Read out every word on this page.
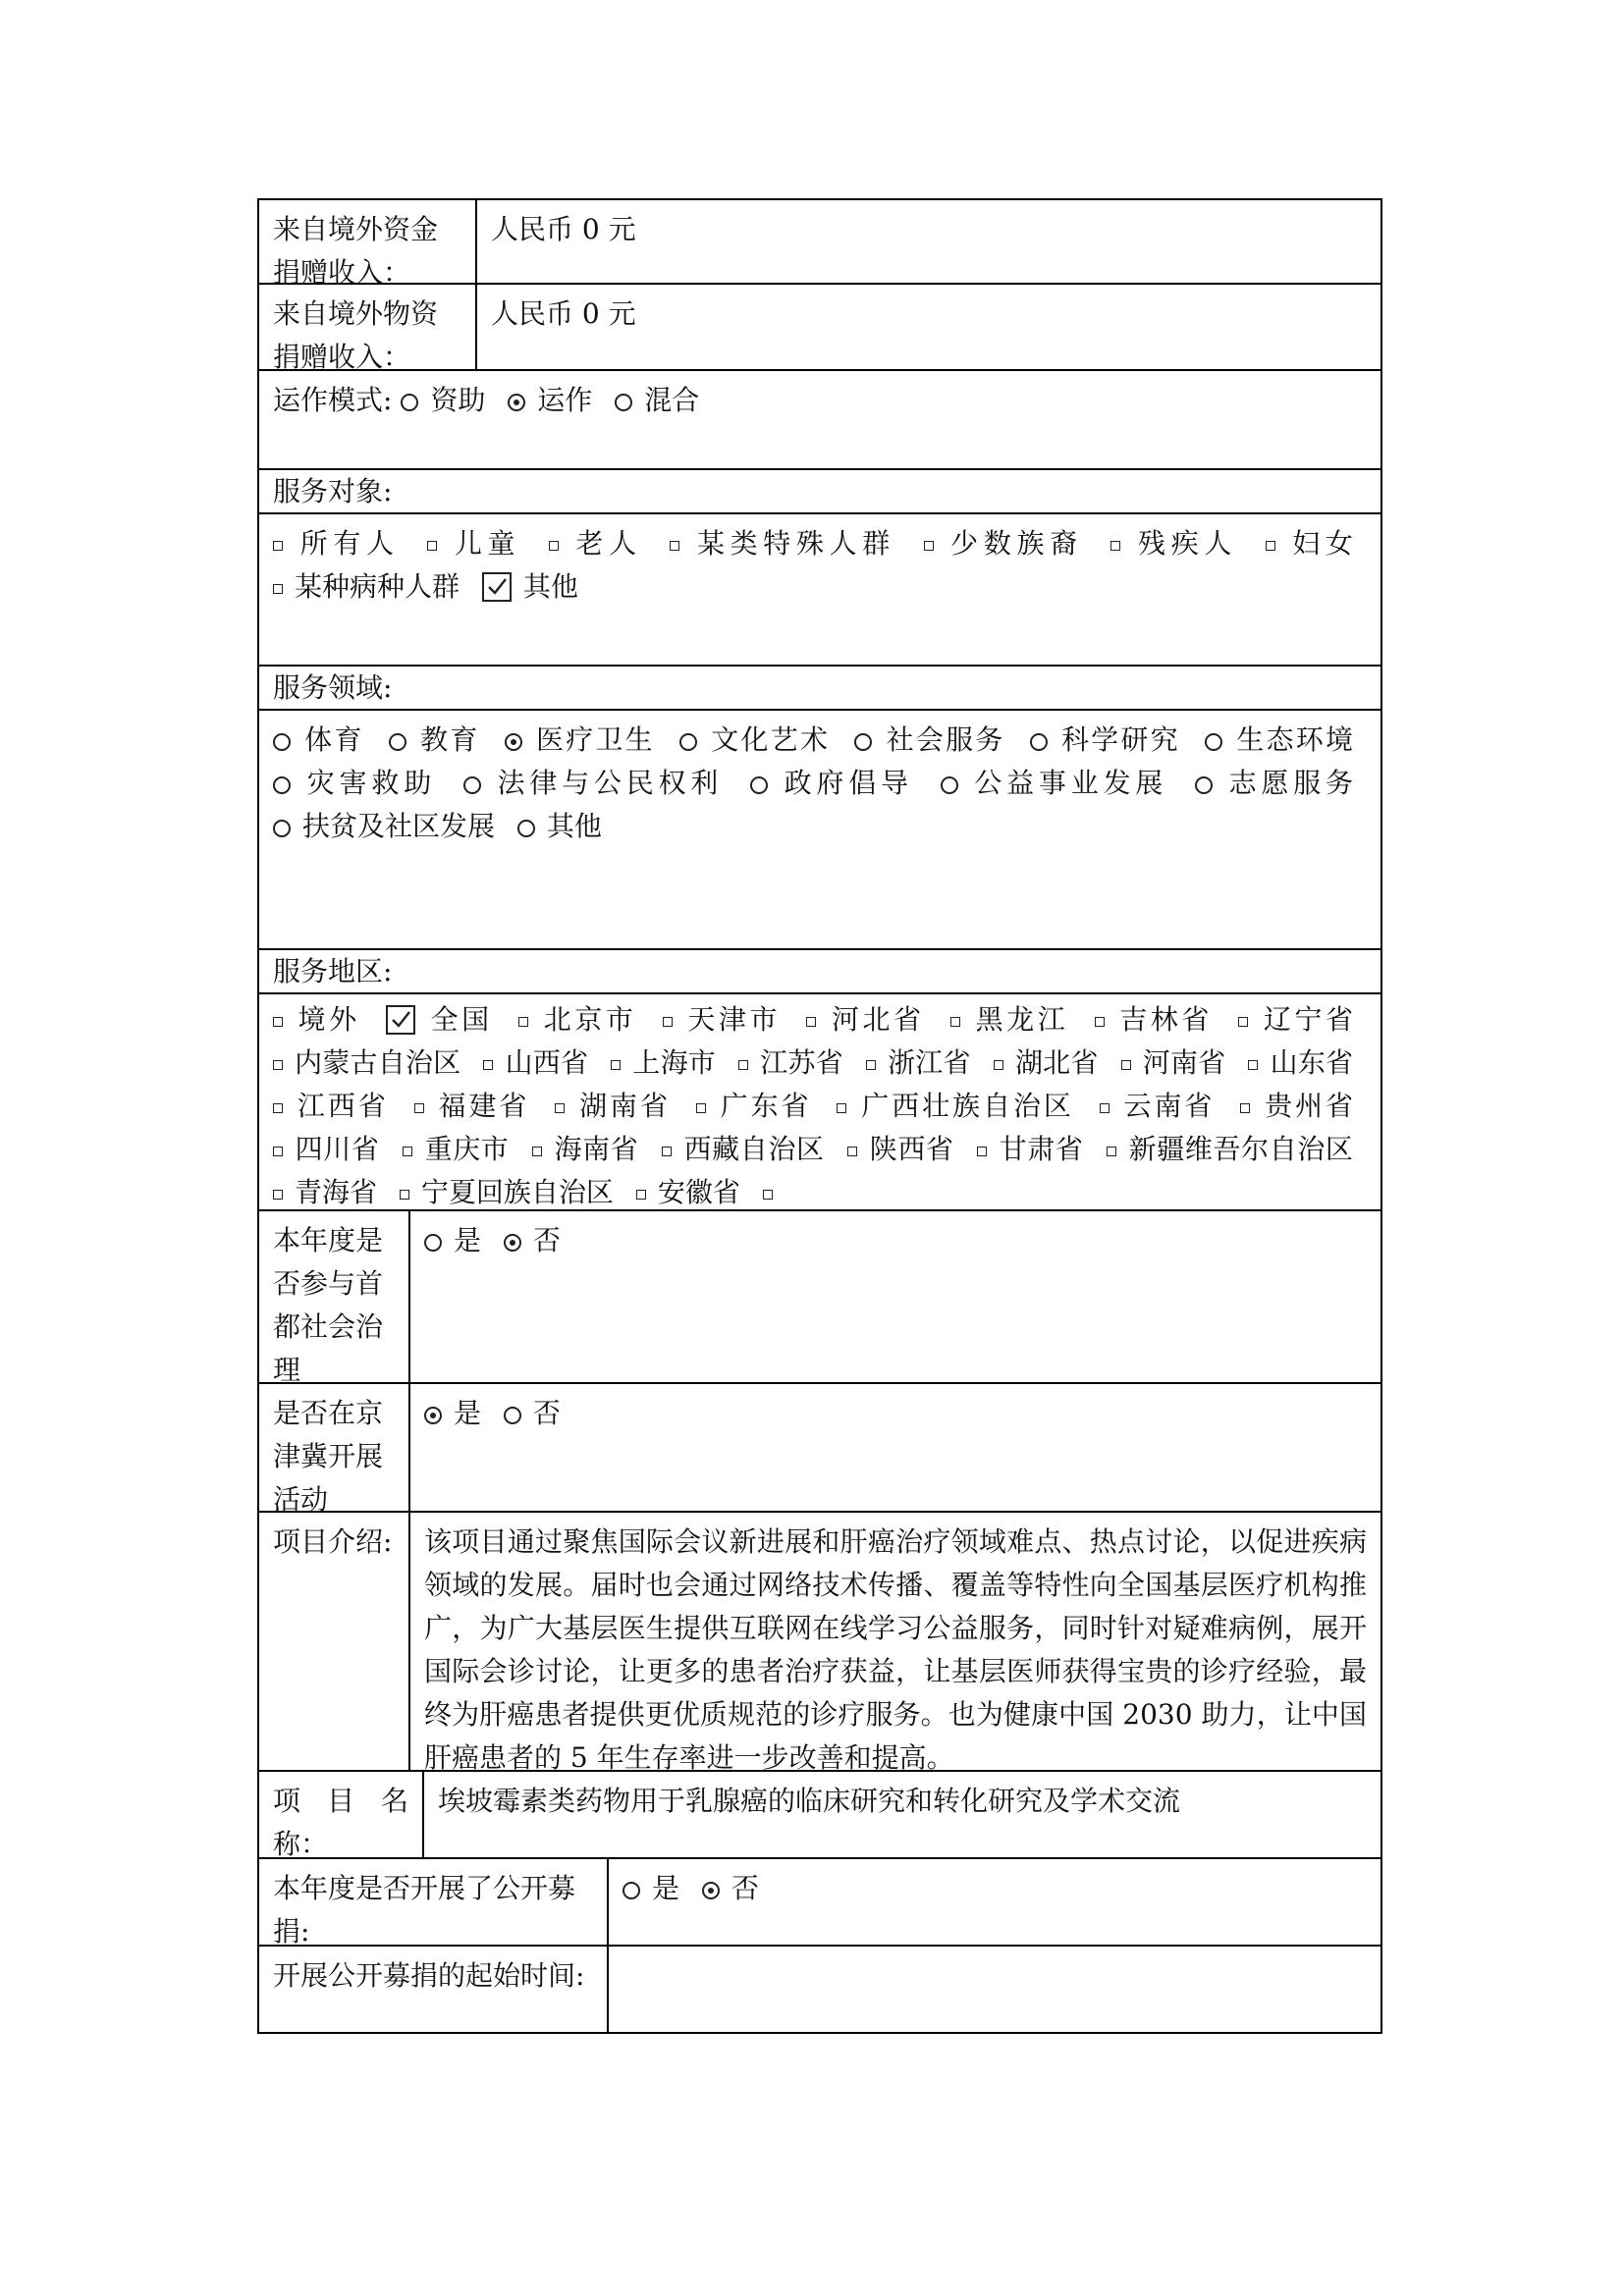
来自境外资金捐赠收入：
人民币 0 元
来自境外物资捐赠收入：
人民币 0 元
运作模式: 资助 运作 混合
服务对象:
所有人 儿童 老人 某类特殊人群 少数族裔 残疾人 妇女 某种病种人群 其他
服务领域:
体育 教育 医疗卫生 文化艺术 社会服务 科学研究 生态环境 灾害救助 法律与公民权利 政府倡导 公益事业发展 志愿服务 扶贫及社区发展 其他
服务地区:
境外 全国 北京市 天津市 河北省 黑龙江 吉林省 辽宁省 内蒙古自治区 山西省 上海市 江苏省 浙江省 湖北省 河南省 山东省 江西省 福建省 湖南省 广东省 广西壮族自治区 云南省 贵州省 四川省 重庆市 海南省 西藏自治区 陕西省 甘肃省 新疆维吾尔自治区 青海省 宁夏回族自治区 安徽省
本年度是否参与首都社会治理
是 否
是否在京津冀开展活动
是 否
项目介绍:	该项目通过聚焦国际会议新进展和肝癌治疗领域难点、热点讨论，以促进疾病领域的发展。届时也会通过网络技术传播、覆盖等特性向全国基层医疗机构推广，为广大基层医生提供互联网在线学习公益服务，同时针对疑难病例，展开国际会诊讨论，让更多的患者治疗获益，让基层医师获得宝贵的诊疗经验，最终为肝癌患者提供更优质规范的诊疗服务。也为健康中国 2030 助力，让中国肝癌患者的 5 年生存率进一步改善和提高。
项目名称：
埃坡霉素类药物用于乳腺癌的临床研究和转化研究及学术交流
本年度是否开展了公开募捐:
是 否
开展公开募捐的起始时间:
